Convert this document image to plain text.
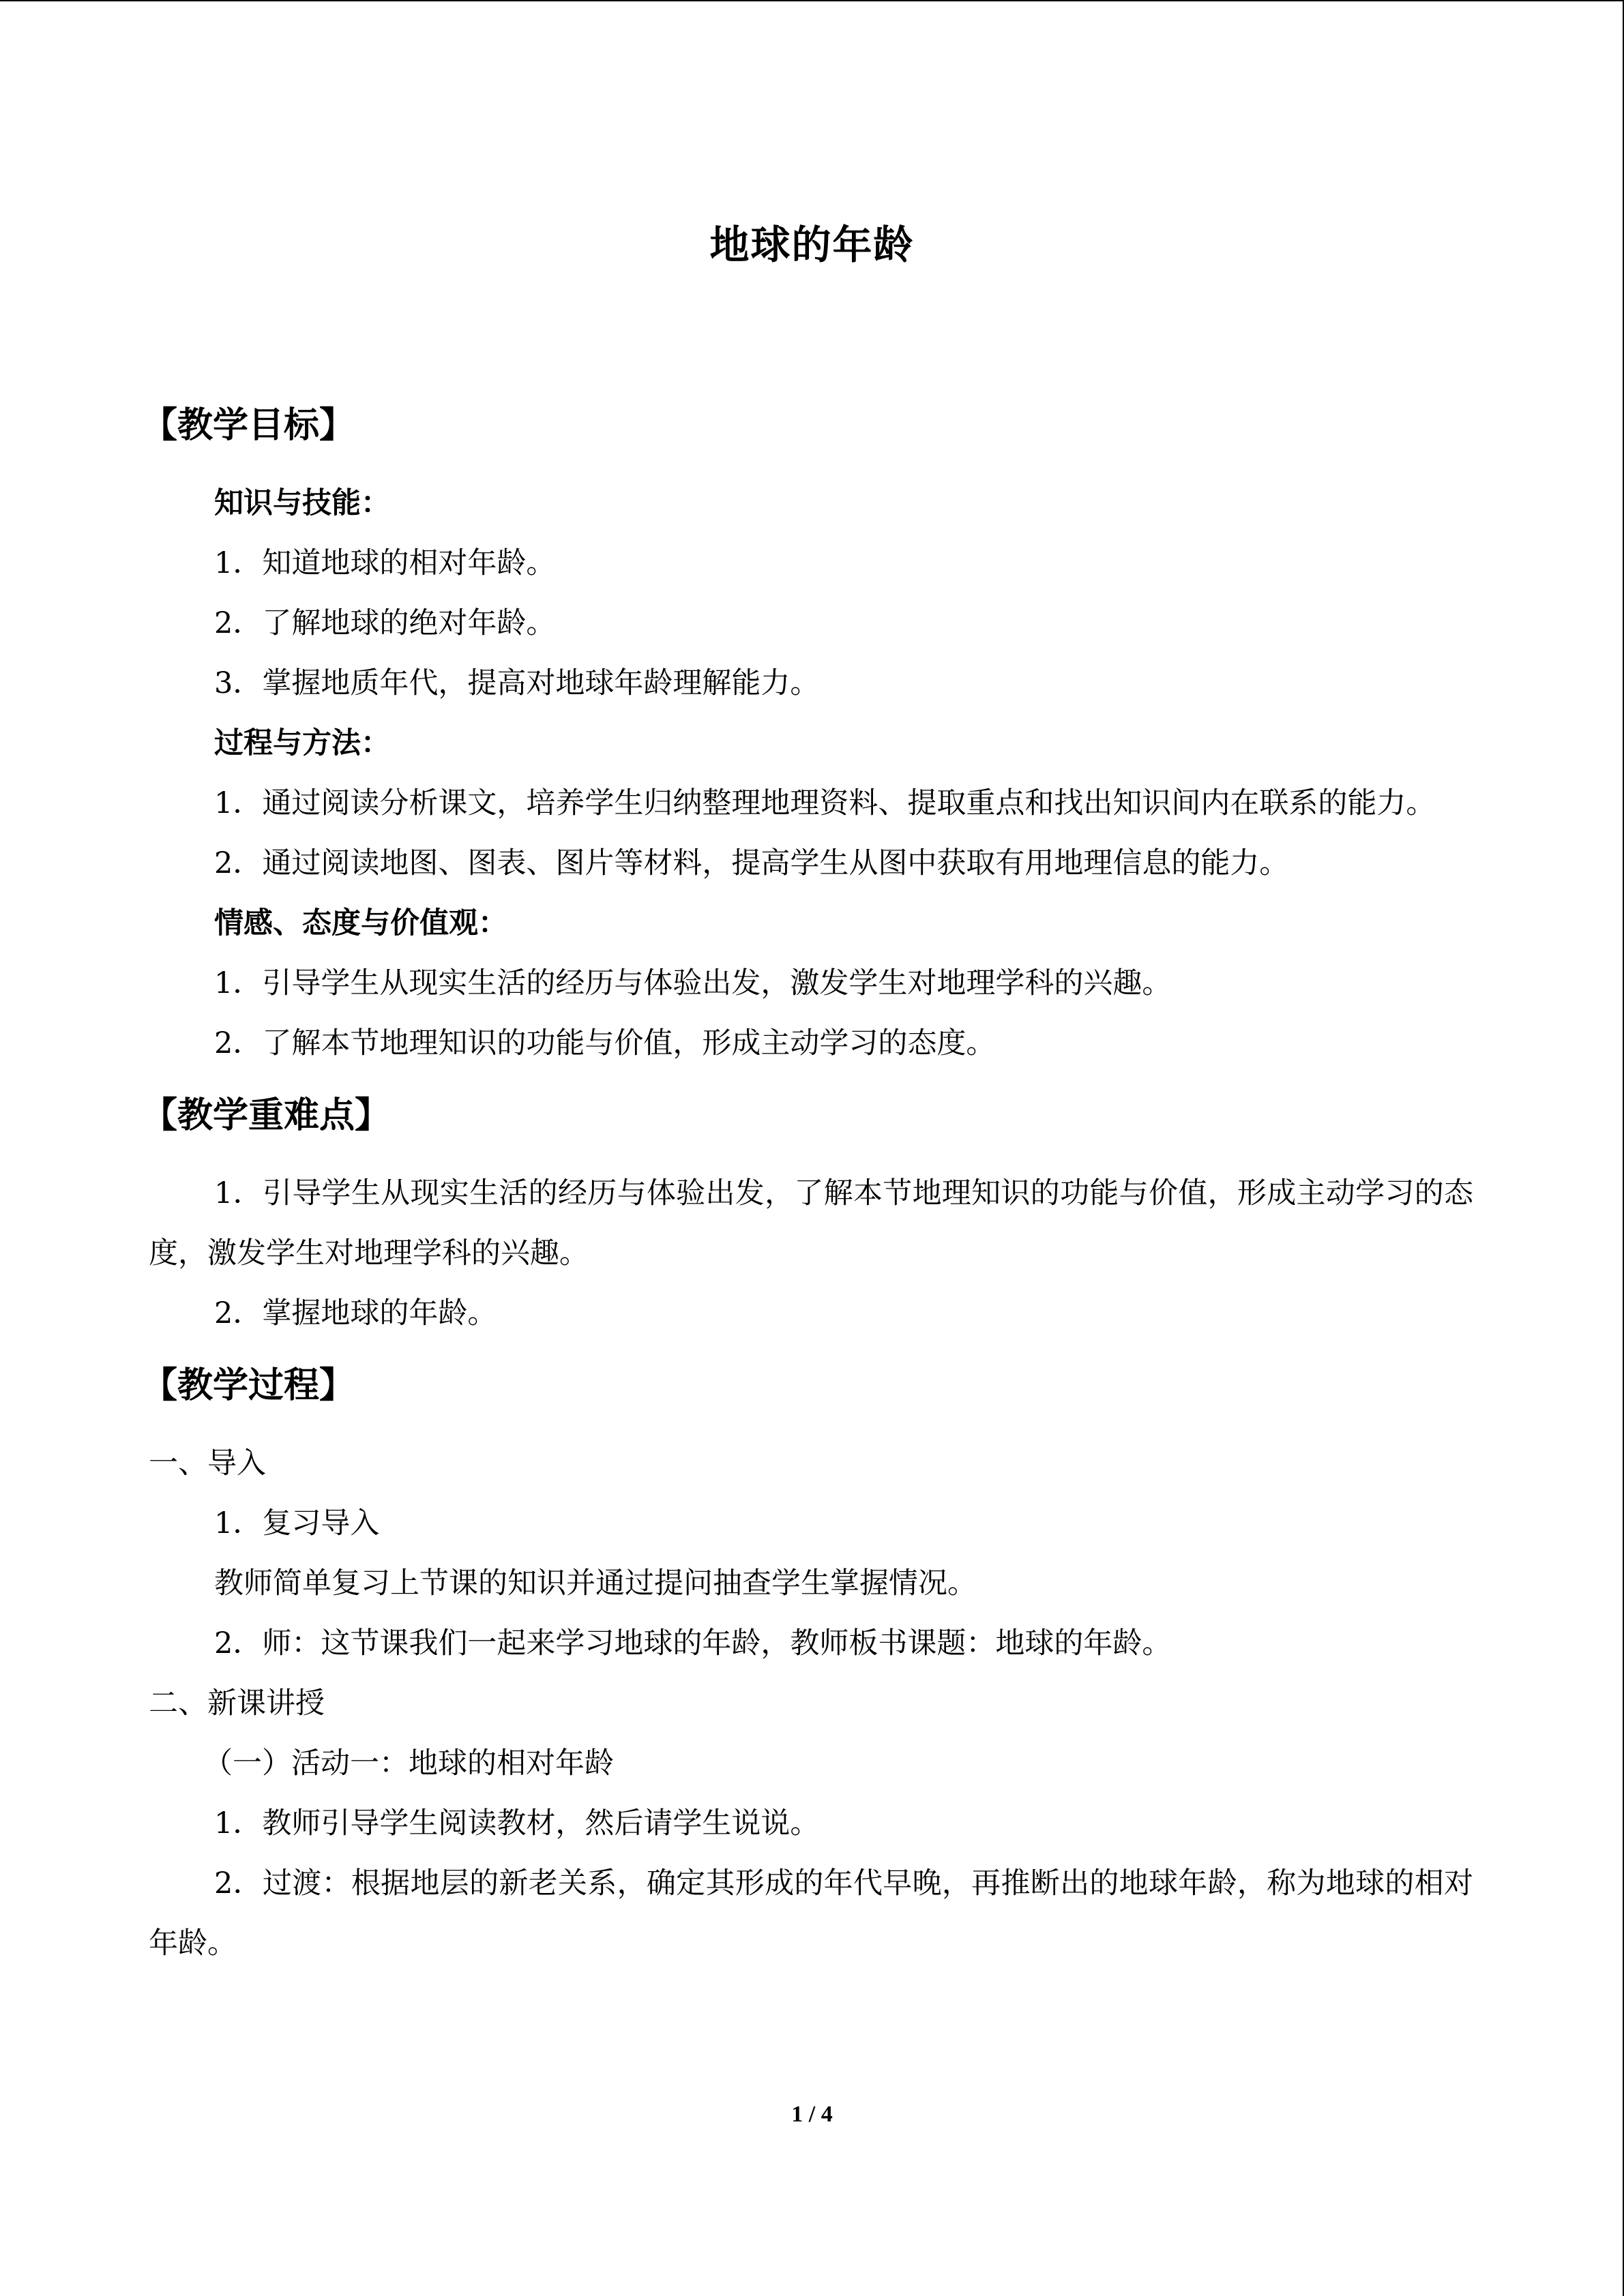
地球的年龄
【教学目标】

知识与技能：

1．知道地球的相对年龄。

2．了解地球的绝对年龄。

3．掌握地质年代，提高对地球年龄理解能力。

过程与方法：

1．通过阅读分析课文，培养学生归纳整理地理资料、提取重点和找出知识间内在联系的能力。

2．通过阅读地图、图表、图片等材料，提高学生从图中获取有用地理信息的能力。

情感、态度与价值观：

1．引导学生从现实生活的经历与体验出发，激发学生对地理学科的兴趣。

2．了解本节地理知识的功能与价值，形成主动学习的态度。

【教学重难点】

1．引导学生从现实生活的经历与体验出发，了解本节地理知识的功能与价值，形成主动学习的态度，激发学生对地理学科的兴趣。

2．掌握地球的年龄。

【教学过程】

一、导入

1．复习导入

教师简单复习上节课的知识并通过提问抽查学生掌握情况。

2．师：这节课我们一起来学习地球的年龄，教师板书课题：地球的年龄。

二、新课讲授

（一）活动一：地球的相对年龄

1．教师引导学生阅读教材，然后请学生说说。

2．过渡：根据地层的新老关系，确定其形成的年代早晚，再推断出的地球年龄，称为地球的相对年龄。

1 / 4
